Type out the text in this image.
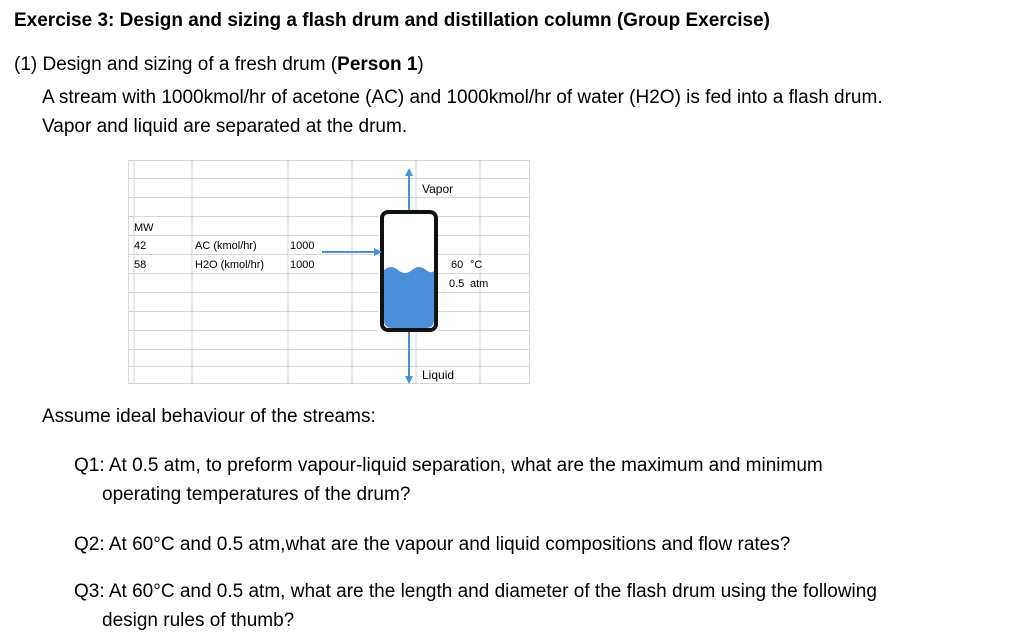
Exercise 3: Design and sizing a flash drum and distillation column (Group Exercise)
(1) Design and sizing of a fresh drum (Person 1)
A stream with 1000kmol/hr of acetone (AC) and 1000kmol/hr of water (H2O) is fed into a flash drum.
Vapor and liquid are separated at the drum.
Vapor
MW
42	AC (kmol/hr)	1000
58	H2O (kmol/hr) 1000	60 °C
0.5 atm
Liquid
Assume ideal behaviour of the streams:
Q1: At 0.5 atm, to preform vapour-liquid separation, what are the maximum and minimum
operating temperatures of the drum?
Q2: At 60°C and 0.5 atm,what are the vapour and liquid compositions and flow rates?
Q3: At 60°C and 0.5 atm, what are the length and diameter of the flash drum using the following
design rules of thumb?
